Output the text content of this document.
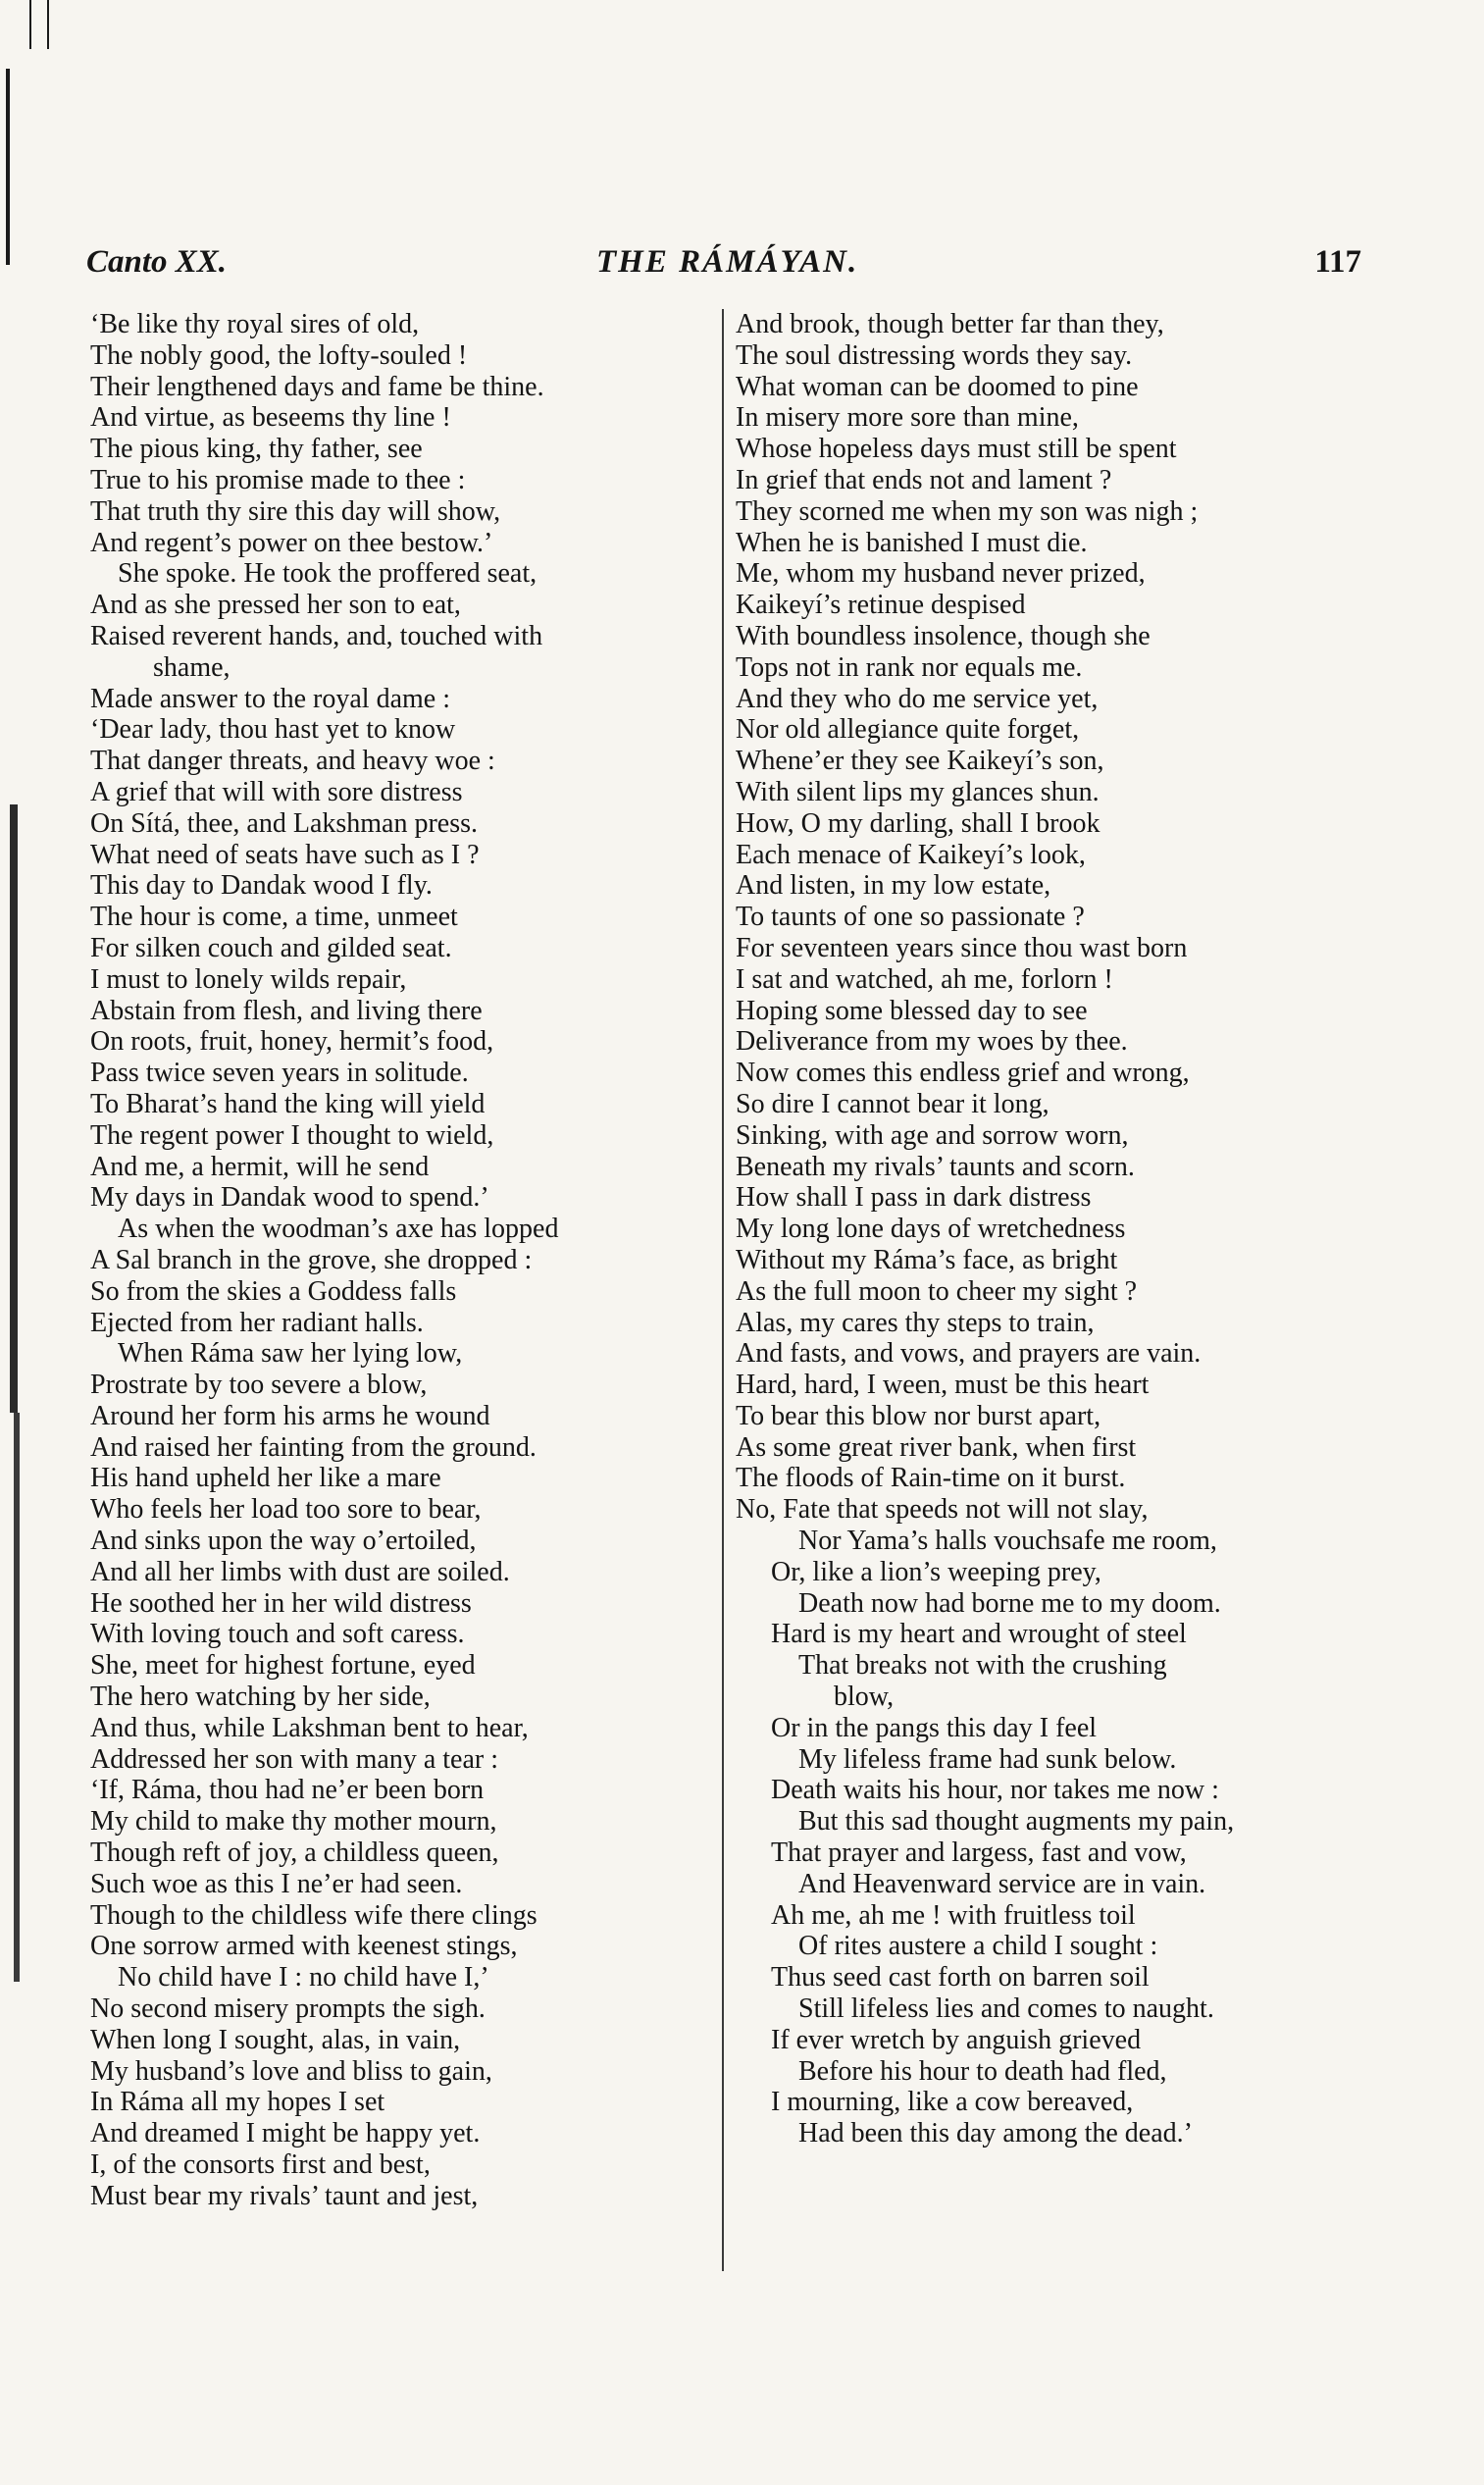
Canto XX.	THE RÁMÁYAN.	117
‘Be like thy royal sires of old,
The nobly good, the lofty-souled !
Their lengthened days and fame be thine.
And virtue, as beseems thy line !
The pious king, thy father, see
True to his promise made to thee :
That truth thy sire this day will show,
And regent’s power on thee bestow.’
She spoke. He took the proffered seat,
And as she pressed her son to eat,
Raised reverent hands, and, touched with
shame,
Made answer to the royal dame :
‘Dear lady, thou hast yet to know
That danger threats, and heavy woe :
A grief that will with sore distress
On Sítá, thee, and Lakshman press.
What need of seats have such as I ?
This day to Dandak wood I fly.
The hour is come, a time, unmeet
For silken couch and gilded seat.
I must to lonely wilds repair,
Abstain from flesh, and living there
On roots, fruit, honey, hermit’s food,
Pass twice seven years in solitude.
To Bharat’s hand the king will yield
The regent power I thought to wield,
And me, a hermit, will he send
My days in Dandak wood to spend.’
As when the woodman’s axe has lopped
A Sal branch in the grove, she dropped :
So from the skies a Goddess falls
Ejected from her radiant halls.
When Ráma saw her lying low,
Prostrate by too severe a blow,
Around her form his arms he wound
And raised her fainting from the ground.
His hand upheld her like a mare
Who feels her load too sore to bear,
And sinks upon the way o’ertoiled,
And all her limbs with dust are soiled.
He soothed her in her wild distress
With loving touch and soft caress.
She, meet for highest fortune, eyed
The hero watching by her side,
And thus, while Lakshman bent to hear,
Addressed her son with many a tear :
‘If, Ráma, thou had ne’er been born
My child to make thy mother mourn,
Though reft of joy, a childless queen,
Such woe as this I ne’er had seen.
Though to the childless wife there clings
One sorrow armed with keenest stings,
No child have I : no child have I,’
No second misery prompts the sigh.
When long I sought, alas, in vain,
My husband’s love and bliss to gain,
In Ráma all my hopes I set
And dreamed I might be happy yet.
I, of the consorts first and best,
Must bear my rivals’ taunt and jest,
And brook, though better far than they,
The soul distressing words they say.
What woman can be doomed to pine
In misery more sore than mine,
Whose hopeless days must still be spent
In grief that ends not and lament ?
They scorned me when my son was nigh ;
When he is banished I must die.
Me, whom my husband never prized,
Kaikeyí’s retinue despised
With boundless insolence, though she
Tops not in rank nor equals me.
And they who do me service yet,
Nor old allegiance quite forget,
Whene’er they see Kaikeyí’s son,
With silent lips my glances shun.
How, O my darling, shall I brook
Each menace of Kaikeyí’s look,
And listen, in my low estate,
To taunts of one so passionate ?
For seventeen years since thou wast born
I sat and watched, ah me, forlorn !
Hoping some blessed day to see
Deliverance from my woes by thee.
Now comes this endless grief and wrong,
So dire I cannot bear it long,
Sinking, with age and sorrow worn,
Beneath my rivals’ taunts and scorn.
How shall I pass in dark distress
My long lone days of wretchedness
Without my Ráma’s face, as bright
As the full moon to cheer my sight ?
Alas, my cares thy steps to train,
And fasts, and vows, and prayers are vain.
Hard, hard, I ween, must be this heart
To bear this blow nor burst apart,
As some great river bank, when first
The floods of Rain-time on it burst.
No, Fate that speeds not will not slay,
Nor Yama’s halls vouchsafe me room,
Or, like a lion’s weeping prey,
Death now had borne me to my doom.
Hard is my heart and wrought of steel
That breaks not with the crushing
blow,
Or in the pangs this day I feel
My lifeless frame had sunk below.
Death waits his hour, nor takes me now :
But this sad thought augments my pain,
That prayer and largess, fast and vow,
And Heavenward service are in vain.
Ah me, ah me ! with fruitless toil
Of rites austere a child I sought :
Thus seed cast forth on barren soil
Still lifeless lies and comes to naught.
If ever wretch by anguish grieved
Before his hour to death had fled,
I mourning, like a cow bereaved,
Had been this day among the dead.’
